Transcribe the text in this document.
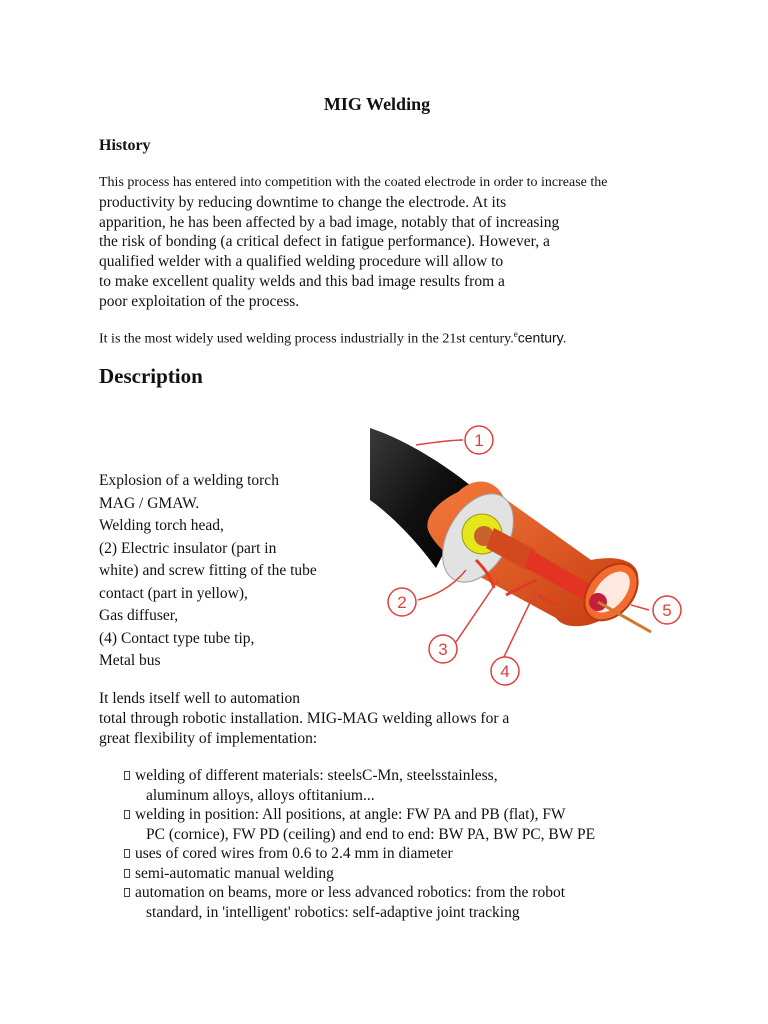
MIG Welding
History
This process has entered into competition with the coated electrode in order to increase the
productivity by reducing downtime to change the electrode. At its
apparition, he has been affected by a bad image, notably that of increasing
the risk of bonding (a critical defect in fatigue performance). However, a
qualified welder with a qualified welding procedure will allow to
to make excellent quality welds and this bad image results from a
poor exploitation of the process.
It is the most widely used welding process industrially in the 21st century.$^e$century.
Description
Explosion of a welding torch
MAG / GMAW.
Welding torch head,
(2) Electric insulator (part in
white) and screw fitting of the tube
contact (part in yellow),
Gas diffuser,
(4) Contact type tube tip,
Metal bus
1
2
3
4
5
It lends itself well to automation
total through robotic installation. MIG-MAG welding allows for a
great flexibility of implementation:
welding of different materials: steelsC-Mn, steelsstainless,
aluminum alloys, alloys oftitanium...
welding in position: All positions, at angle: FW PA and PB (flat), FW
PC (cornice), FW PD (ceiling) and end to end: BW PA, BW PC, BW PE
uses of cored wires from 0.6 to 2.4 mm in diameter
semi-automatic manual welding
automation on beams, more or less advanced robotics: from the robot
standard, in 'intelligent' robotics: self-adaptive joint tracking
